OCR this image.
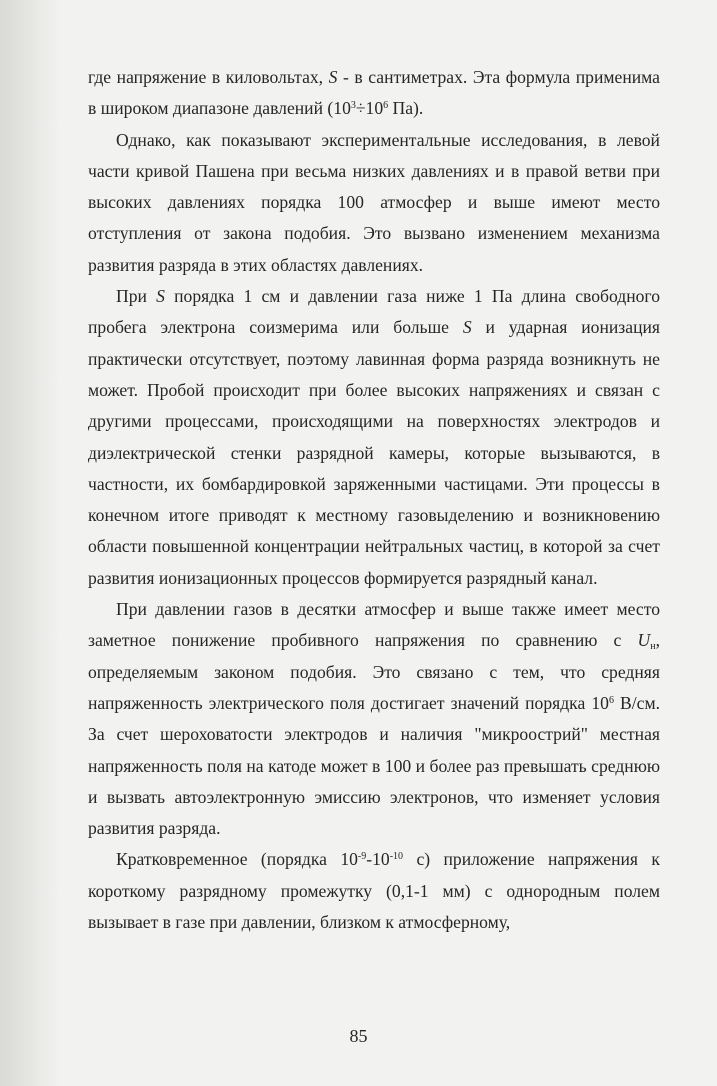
где напряжение в киловольтах, S - в сантиметрах. Эта формула применима в широком диапазоне давлений ($10^3\div 10^6$ Па).

Однако, как показывают экспериментальные исследования, в левой части кривой Пашена при весьма низких давлениях и в правой ветви при высоких давлениях порядка 100 атмосфер и выше имеют место отступления от закона подобия. Это вызвано изменением механизма развития разряда в этих областях давлениях.

При S порядка 1 см и давлении газа ниже 1 Па длина свободного пробега электрона соизмерима или больше S и ударная ионизация практически отсутствует, поэтому лавинная форма разряда возникнуть не может. Пробой происходит при более высоких напряжениях и связан с другими процессами, происходящими на поверхностях электродов и диэлектрической стенки разрядной камеры, которые вызываются, в частности, их бомбардировкой заряженными частицами. Эти процессы в конечном итоге приводят к местному газовыделению и возникновению области повышенной концентрации нейтральных частиц, в которой за счет развития ионизационных процессов формируется разрядный канал.

При давлении газов в десятки атмосфер и выше также имеет место заметное понижение пробивного напряжения по сравнению с $U_н$, определяемым законом подобия. Это связано с тем, что средняя напряженность электрического поля достигает значений порядка $10^6$ В/см. За счет шероховатости электродов и наличия "микроострий" местная напряженность поля на катоде может в 100 и более раз превышать среднюю и вызвать автоэлектронную эмиссию электронов, что изменяет условия развития разряда.

Кратковременное (порядка $10^{-9}-10^{-10}$ с) приложение напряжения к короткому разрядному промежутку (0,1-1 мм) с однородным полем вызывает в газе при давлении, близком к атмосферному,

85
